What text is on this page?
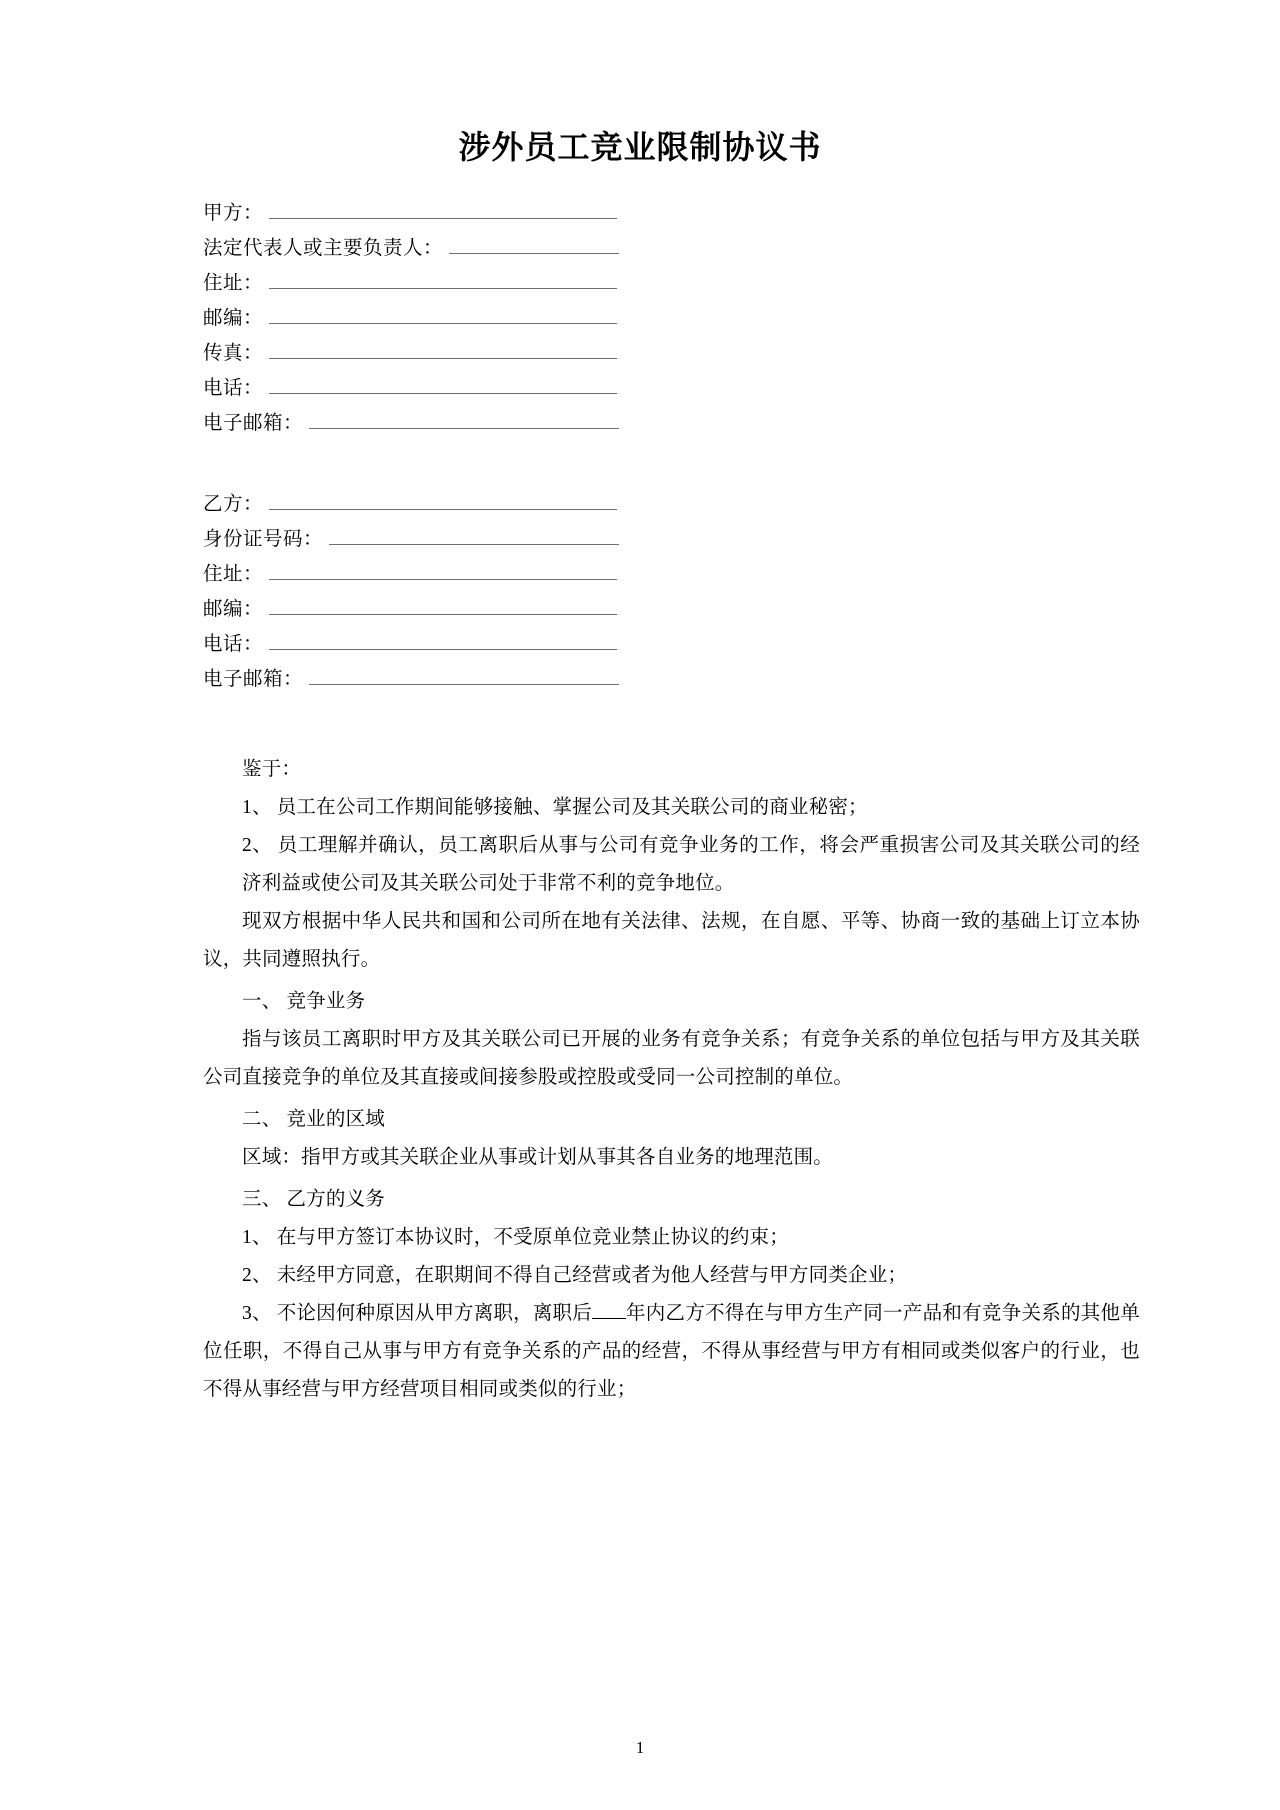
涉外员工竞业限制协议书
甲方：
法定代表人或主要负责人：
住址：
邮编：
传真：
电话：
电子邮箱：
乙方：
身份证号码：
住址：
邮编：
电话：
电子邮箱：

鉴于：

1、 员工在公司工作期间能够接触、掌握公司及其关联公司的商业秘密；

2、 员工理解并确认，员工离职后从事与公司有竞争业务的工作，将会严重损害公司及其关联公司的经济利益或使公司及其关联公司处于非常不利的竞争地位。

现双方根据中华人民共和国和公司所在地有关法律、法规，在自愿、平等、协商一致的基础上订立本协议，共同遵照执行。

一、 竞争业务

指与该员工离职时甲方及其关联公司已开展的业务有竞争关系；有竞争关系的单位包括与甲方及其关联公司直接竞争的单位及其直接或间接参股或控股或受同一公司控制的单位。

二、 竞业的区域

区域：指甲方或其关联企业从事或计划从事其各自业务的地理范围。

三、 乙方的义务

1、 在与甲方签订本协议时，不受原单位竞业禁止协议的约束；

2、 未经甲方同意，在职期间不得自己经营或者为他人经营与甲方同类企业；

3、 不论因何种原因从甲方离职，离职后 年内乙方不得在与甲方生产同一产品和有竞争关系的其他单位任职，不得自己从事与甲方有竞争关系的产品的经营，不得从事经营与甲方有相同或类似客户的行业，也不得从事经营与甲方经营项目相同或类似的行业；

1
